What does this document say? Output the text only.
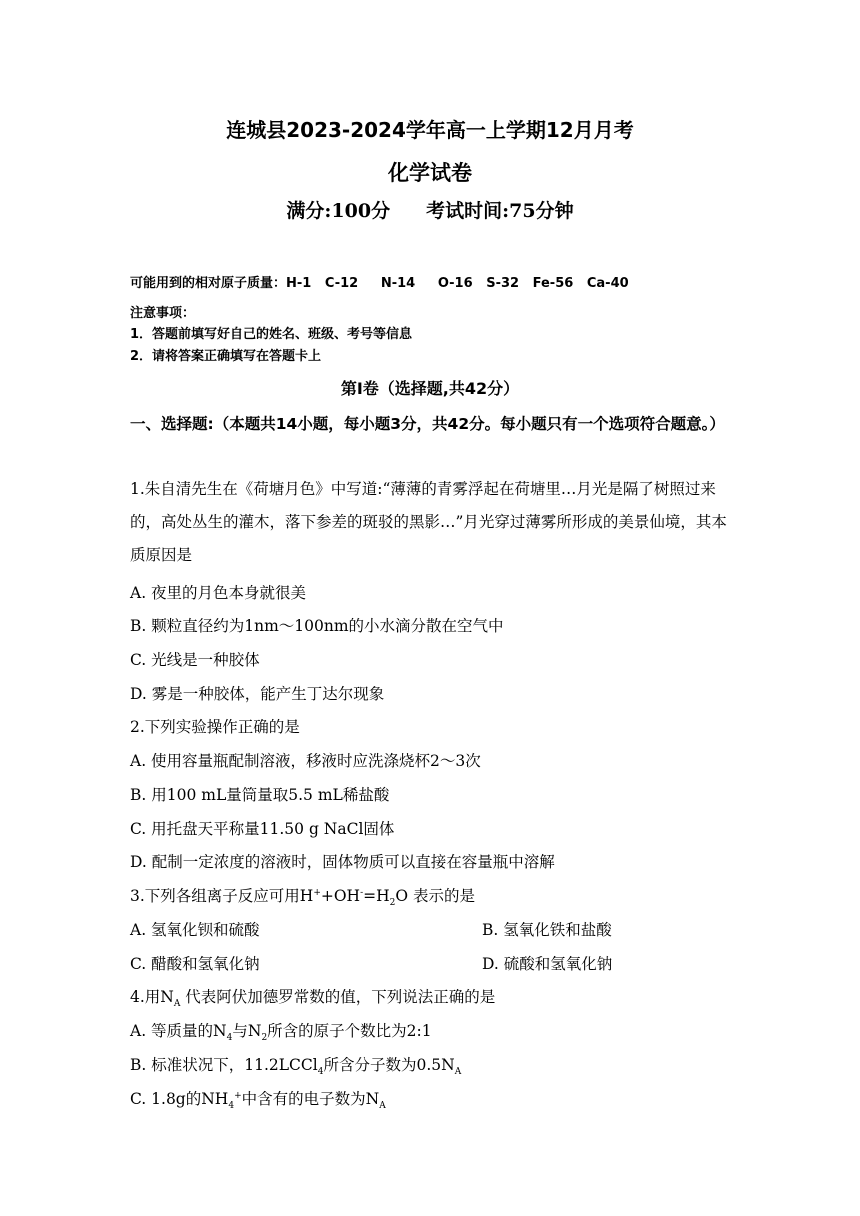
连城县2023-2024学年高一上学期12月月考
化学试卷
满分:100分 考试时间:75分钟
可能用到的相对原子质量：H-1   C-12     N-14     O-16   S-32   Fe-56   Ca-40
注意事项：
1．答题前填写好自己的姓名、班级、考号等信息
2．请将答案正确填写在答题卡上
第Ⅰ卷（选择题,共42分）
一、选择题:（本题共14小题，每小题3分，共42分。每小题只有一个选项符合题意。）
1.朱自清先生在《荷塘月色》中写道:“薄薄的青雾浮起在荷塘里…月光是隔了树照过来的，高处丛生的灌木，落下参差的斑驳的黑影…”月光穿过薄雾所形成的美景仙境，其本质原因是
A. 夜里的月色本身就很美
B. 颗粒直径约为1nm～100nm的小水滴分散在空气中
C. 光线是一种胶体
D. 雾是一种胶体，能产生丁达尔现象
2.下列实验操作正确的是
A. 使用容量瓶配制溶液，移液时应洗涤烧杯2～3次
B. 用100 mL量筒量取5.5 mL稀盐酸
C. 用托盘天平称量11.50 g NaCl固体
D. 配制一定浓度的溶液时，固体物质可以直接在容量瓶中溶解
3.下列各组离子反应可用$H^++OH^-=H_2O$ 表示的是
A. 氢氧化钡和硫酸	B. 氢氧化铁和盐酸
C. 醋酸和氢氧化钠	D. 硫酸和氢氧化钠
4.用$N_A$ 代表阿伏加德罗常数的值，下列说法正确的是
A. 等质量的$N_4$与$N_2$所含的原子个数比为2:1
B. 标准状况下，11.2LCCl$_4$所含分子数为$0.5N_A$
C. 1.8g的$NH_4^+$中含有的电子数为$N_A$
